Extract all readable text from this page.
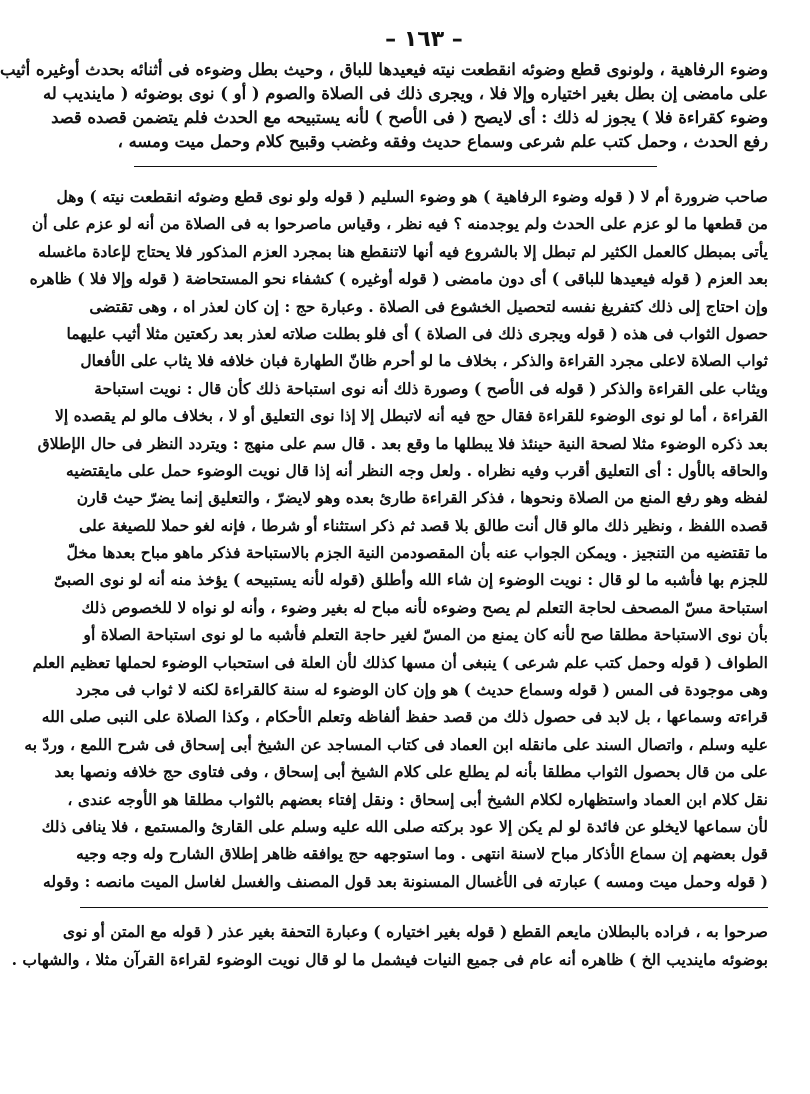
– ١٦٣ –
وضوء الرفاهية ، ولونوى قطع وضوئه انقطعت نيته فيعيدها للباق ، وحيث بطل وضوءه فى أثنائه بحدث أوغيره أثيب
على مامضى إن بطل بغير اختياره وإلا فلا ، ويجرى ذلك فى الصلاة والصوم ( أو ) نوى بوضوئه ( ماينديب له
وضوء كقراءة فلا ) يجوز له ذلك : أى لايصح ( فى الأصح ) لأنه يستبيحه مع الحدث فلم يتضمن قصده قصد
رفع الحدث ، وحمل كتب علم شرعى وسماع حديث وفقه وغضب وقبيح كلام وحمل ميت ومسه ،
صاحب ضرورة أم لا ( قوله وضوء الرفاهية ) هو وضوء السليم ( قوله ولو نوى قطع وضوئه انقطعت نيته ) وهل
من قطعها ما لو عزم على الحدث ولم يوجدمنه ؟ فيه نظر ، وقياس ماصرحوا به فى الصلاة من أنه لو عزم على أن
يأتى بمبطل كالعمل الكثير لم تبطل إلا بالشروع فيه أنها لاتنقطع هنا بمجرد العزم المذكور فلا يحتاج لإعادة ماغسله
بعد العزم ( قوله فيعيدها للباقى ) أى دون مامضى ( قوله أوغيره ) كشفاء نحو المستحاضة ( قوله وإلا فلا ) ظاهره
وإن احتاج إلى ذلك كتفريغ نفسه لتحصيل الخشوع فى الصلاة . وعبارة حج : إن كان لعذر اه ، وهى تقتضى
حصول الثواب فى هذه ( قوله ويجرى ذلك فى الصلاة ) أى فلو بطلت صلاته لعذر بعد ركعتين مثلا أثيب عليهما
ثواب الصلاة لاعلى مجرد القراءة والذكر ، بخلاف ما لو أحرم ظانّ الطهارة فبان خلافه فلا يثاب على الأفعال
ويثاب على القراءة والذكر ( قوله فى الأصح ) وصورة ذلك أنه نوى استباحة ذلك كأن قال : نويت استباحة
القراءة ، أما لو نوى الوضوء للقراءة فقال حج فيه أنه لاتبطل إلا إذا نوى التعليق أو لا ، بخلاف مالو لم يقصده إلا
بعد ذكره الوضوء مثلا لصحة النية حينئذ فلا يبطلها ما وقع بعد . قال سم على منهج : ويتردد النظر فى حال الإطلاق
والحاقه بالأول : أى التعليق أقرب وفيه نظراه . ولعل وجه النظر أنه إذا قال نويت الوضوء حمل على مايقتضيه
لفظه وهو رفع المنع من الصلاة ونحوها ، فذكر القراءة طارئ بعده وهو لايضرّ ، والتعليق إنما يضرّ حيث قارن
قصده اللفظ ، ونظير ذلك مالو قال أنت طالق بلا قصد ثم ذكر استثناء أو شرطا ، فإنه لغو حملا للصيغة على
ما تقتضيه من التنجيز . ويمكن الجواب عنه بأن المقصودمن النية الجزم بالاستباحة فذكر ماهو مباح بعدها مخلّ
للجزم بها فأشبه ما لو قال : نويت الوضوء إن شاء الله وأطلق (قوله لأنه يستبيحه ) يؤخذ منه أنه لو نوى الصبىّ
استباحة مسّ المصحف لحاجة التعلم لم يصح وضوءه لأنه مباح له بغير وضوء ، وأنه لو نواه لا للخصوص ذلك
بأن نوى الاستباحة مطلقا صح لأنه كان يمنع من المسّ لغير حاجة التعلم فأشبه ما لو نوى استباحة الصلاة أو
الطواف ( قوله وحمل كتب علم شرعى ) ينبغى أن مسها كذلك لأن العلة فى استحباب الوضوء لحملها تعظيم العلم
وهى موجودة فى المس ( قوله وسماع حديث ) هو وإن كان الوضوء له سنة كالقراءة لكنه لا ثواب فى مجرد
قراءته وسماعها ، بل لابد فى حصول ذلك من قصد حفظ ألفاظه وتعلم الأحكام ، وكذا الصلاة على النبى صلى الله
عليه وسلم ، واتصال السند على مانقله ابن العماد فى كتاب المساجد عن الشيخ أبى إسحاق فى شرح اللمع ، وردّ به
على من قال بحصول الثواب مطلقا بأنه لم يطلع على كلام الشيخ أبى إسحاق ، وفى فتاوى حج خلافه ونصها بعد
نقل كلام ابن العماد واستظهاره لكلام الشيخ أبى إسحاق : ونقل إفتاء بعضهم بالثواب مطلقا هو الأوجه عندى ،
لأن سماعها لايخلو عن فائدة لو لم يكن إلا عود بركته صلى الله عليه وسلم على القارئ والمستمع ، فلا ينافى ذلك
قول بعضهم إن سماع الأذكار مباح لاسنة انتهى . وما استوجهه حج يوافقه ظاهر إطلاق الشارح وله وجه وجيه
( قوله وحمل ميت ومسه ) عبارته فى الأغسال المسنونة بعد قول المصنف والغسل لغاسل الميت مانصه : وقوله
صرحوا به ، فراده بالبطلان مايعم القطع ( قوله بغير اختياره ) وعبارة التحفة بغير عذر ( قوله مع المتن أو نوى
بوضوئه ماينديب الخ ) ظاهره أنه عام فى جميع النيات فيشمل ما لو قال نويت الوضوء لقراءة القرآن مثلا ، والشهاب .
